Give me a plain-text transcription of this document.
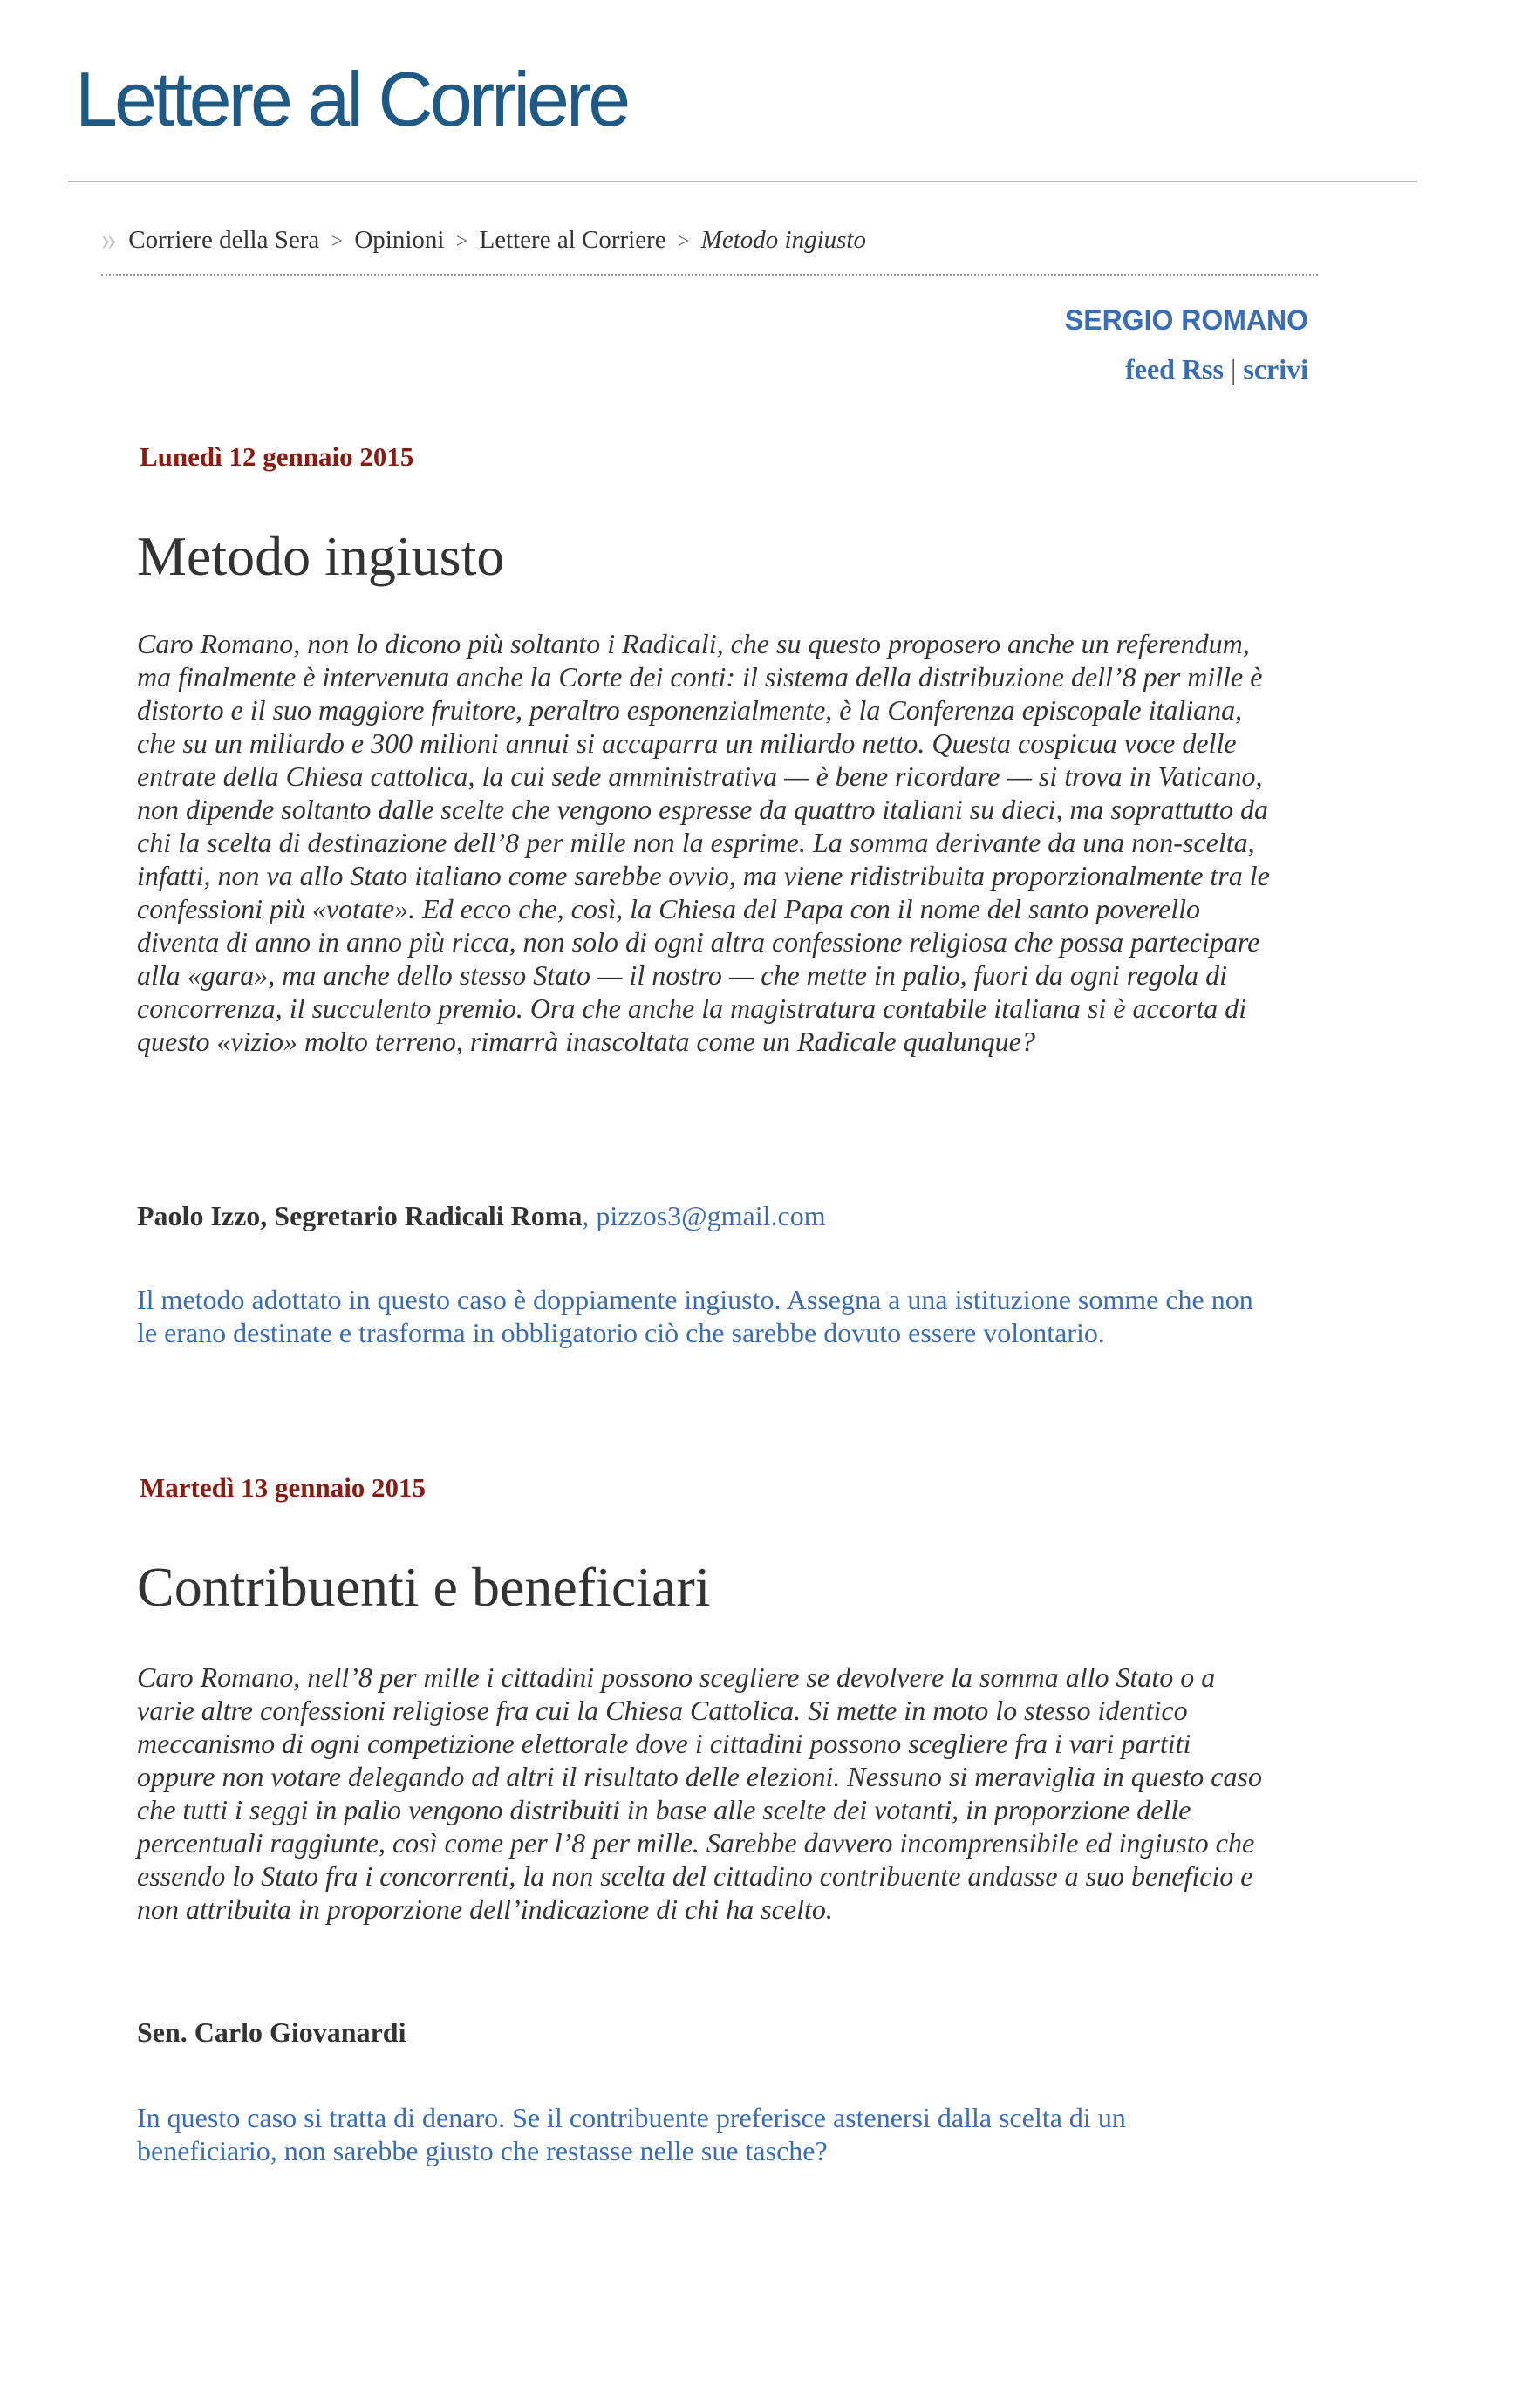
Lettere al Corriere
» Corriere della Sera > Opinioni > Lettere al Corriere > Metodo ingiusto
SERGIO ROMANO
feed Rss | scrivi
Lunedì 12 gennaio 2015
Metodo ingiusto

Caro Romano, non lo dicono più soltanto i Radicali, che su questo proposero anche un referendum, ma finalmente è intervenuta anche la Corte dei conti: il sistema della distribuzione dell’8 per mille è distorto e il suo maggiore fruitore, peraltro esponenzialmente, è la Conferenza episcopale italiana, che su un miliardo e 300 milioni annui si accaparra un miliardo netto. Questa cospicua voce delle entrate della Chiesa cattolica, la cui sede amministrativa — è bene ricordare — si trova in Vaticano, non dipende soltanto dalle scelte che vengono espresse da quattro italiani su dieci, ma soprattutto da chi la scelta di destinazione dell’8 per mille non la esprime. La somma derivante da una non-scelta, infatti, non va allo Stato italiano come sarebbe ovvio, ma viene ridistribuita proporzionalmente tra le confessioni più «votate». Ed ecco che, così, la Chiesa del Papa con il nome del santo poverello diventa di anno in anno più ricca, non solo di ogni altra confessione religiosa che possa partecipare alla «gara», ma anche dello stesso Stato — il nostro — che mette in palio, fuori da ogni regola di concorrenza, il succulento premio. Ora che anche la magistratura contabile italiana si è accorta di questo «vizio» molto terreno, rimarrà inascoltata come un Radicale qualunque?

Paolo Izzo, Segretario Radicali Roma, pizzos3@gmail.com

Il metodo adottato in questo caso è doppiamente ingiusto. Assegna a una istituzione somme che non le erano destinate e trasforma in obbligatorio ciò che sarebbe dovuto essere volontario.

Martedì 13 gennaio 2015
Contribuenti e beneficiari

Caro Romano, nell’8 per mille i cittadini possono scegliere se devolvere la somma allo Stato o a varie altre confessioni religiose fra cui la Chiesa Cattolica. Si mette in moto lo stesso identico meccanismo di ogni competizione elettorale dove i cittadini possono scegliere fra i vari partiti oppure non votare delegando ad altri il risultato delle elezioni. Nessuno si meraviglia in questo caso che tutti i seggi in palio vengono distribuiti in base alle scelte dei votanti, in proporzione delle percentuali raggiunte, così come per l’8 per mille. Sarebbe davvero incomprensibile ed ingiusto che essendo lo Stato fra i concorrenti, la non scelta del cittadino contribuente andasse a suo beneficio e non attribuita in proporzione dell’indicazione di chi ha scelto.

Sen. Carlo Giovanardi

In questo caso si tratta di denaro. Se il contribuente preferisce astenersi dalla scelta di un beneficiario, non sarebbe giusto che restasse nelle sue tasche?
